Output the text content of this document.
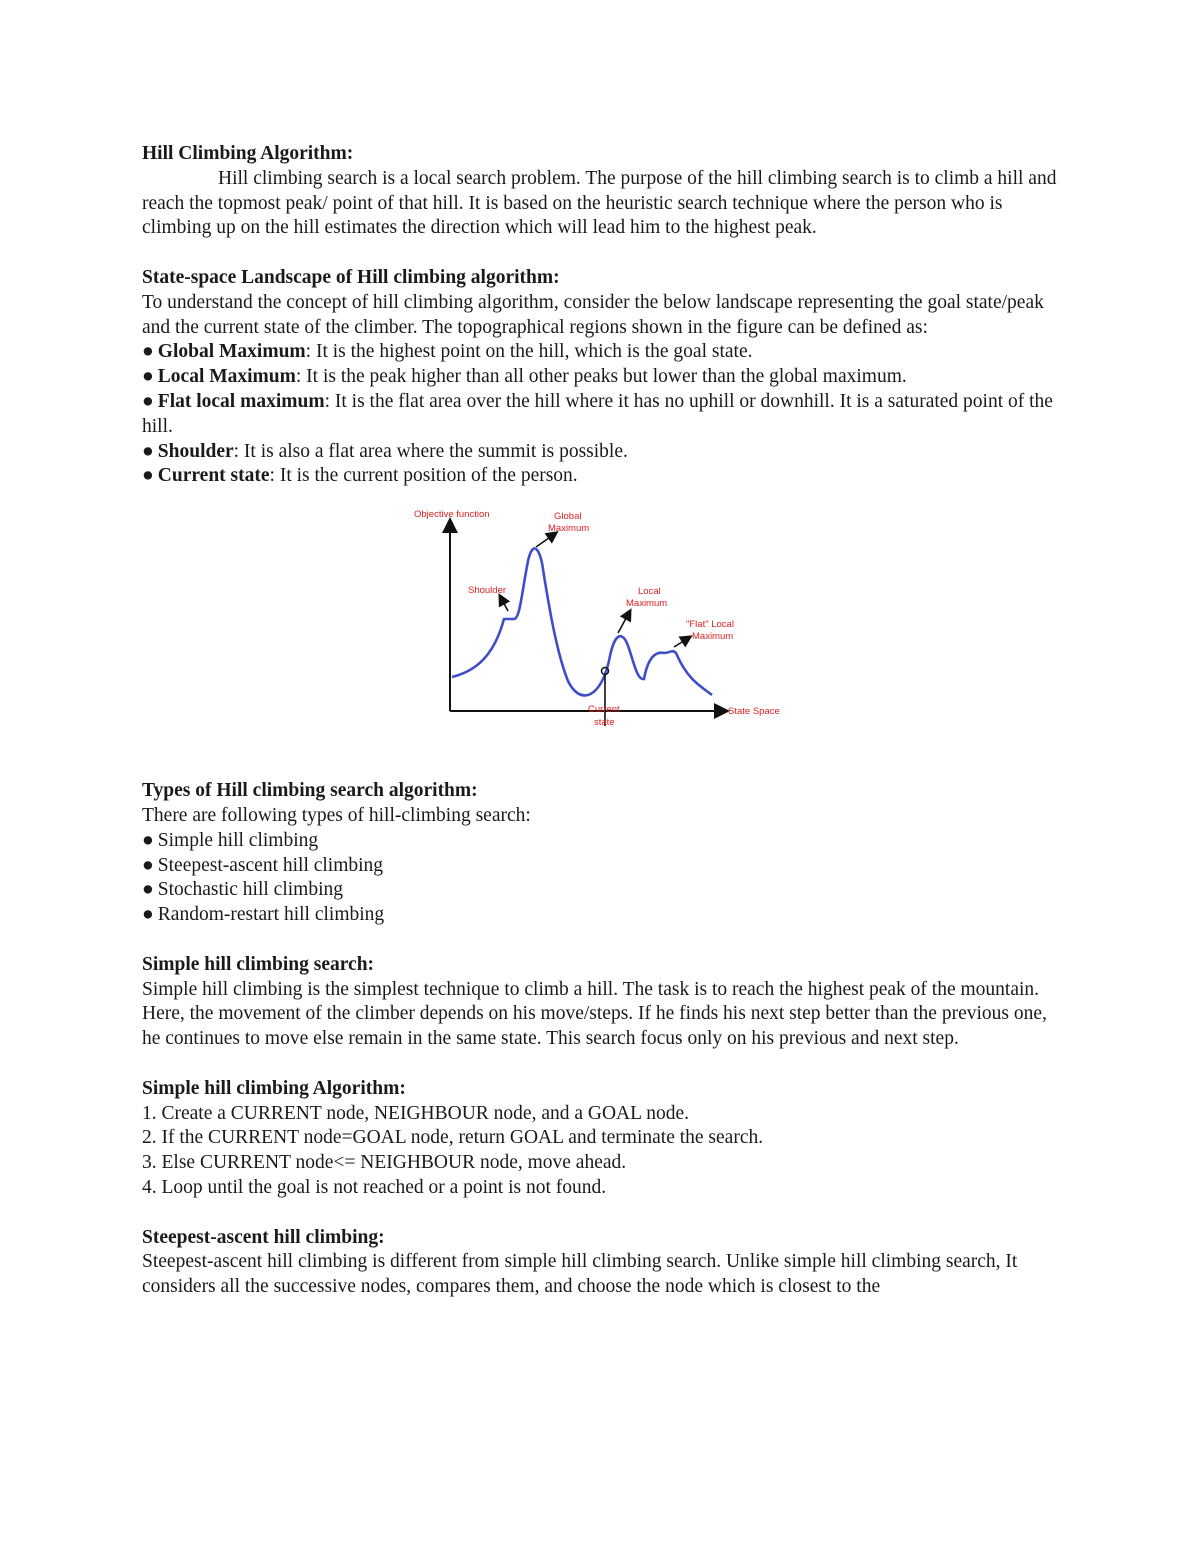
Hill Climbing Algorithm:

Hill climbing search is a local search problem. The purpose of the hill climbing search is to climb a hill and reach the topmost peak/ point of that hill. It is based on the heuristic search technique where the person who is climbing up on the hill estimates the direction which will lead him to the highest peak.

State-space Landscape of Hill climbing algorithm:

To understand the concept of hill climbing algorithm, consider the below landscape representing the goal state/peak and the current state of the climber. The topographical regions shown in the figure can be defined as:

● Global Maximum: It is the highest point on the hill, which is the goal state.
● Local Maximum: It is the peak higher than all other peaks but lower than the global maximum.
● Flat local maximum: It is the flat area over the hill where it has no uphill or downhill. It is a saturated point of the hill.
● Shoulder: It is also a flat area where the summit is possible.
● Current state: It is the current position of the person.
Objective function
State Space
Global
Maximum
Shoulder	Local
Maximum
"Flat" Local
Maximum
Current
state

Types of Hill climbing search algorithm:

There are following types of hill-climbing search:

● Simple hill climbing
● Steepest-ascent hill climbing
● Stochastic hill climbing
● Random-restart hill climbing

Simple hill climbing search:

Simple hill climbing is the simplest technique to climb a hill. The task is to reach the highest peak of the mountain. Here, the movement of the climber depends on his move/steps. If he finds his next step better than the previous one, he continues to move else remain in the same state. This search focus only on his previous and next step.

Simple hill climbing Algorithm:

1. Create a CURRENT node, NEIGHBOUR node, and a GOAL node.
2. If the CURRENT node=GOAL node, return GOAL and terminate the search.
3. Else CURRENT node<= NEIGHBOUR node, move ahead.
4. Loop until the goal is not reached or a point is not found.

Steepest-ascent hill climbing:

Steepest-ascent hill climbing is different from simple hill climbing search. Unlike simple hill climbing search, It considers all the successive nodes, compares them, and choose the node which is closest to the
